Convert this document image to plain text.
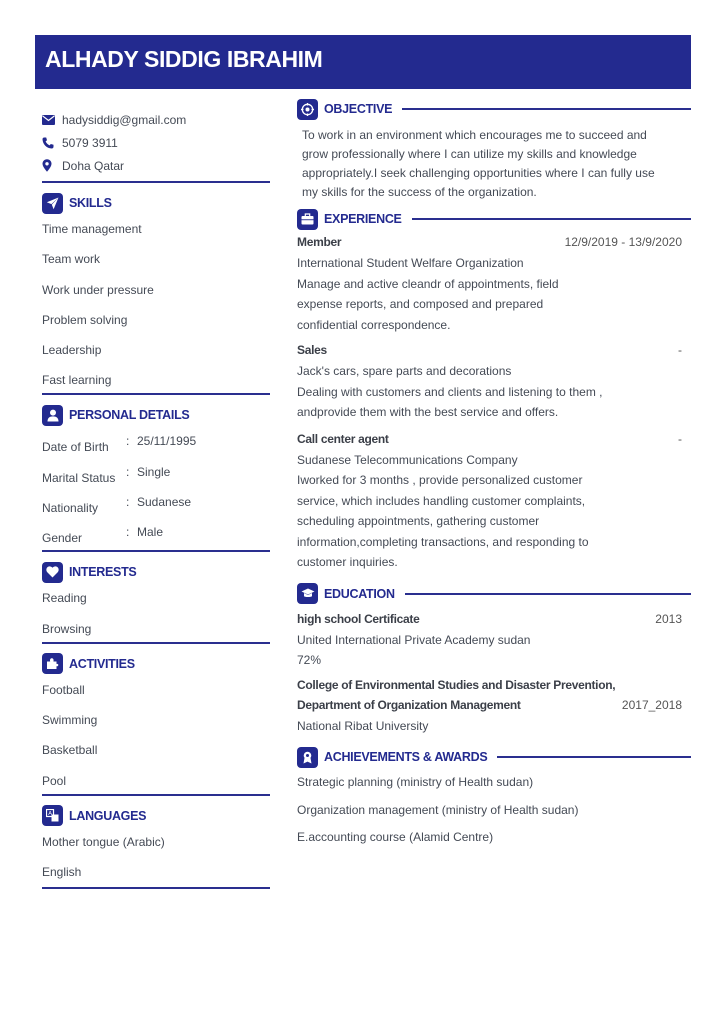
ALHADY SIDDIG IBRAHIM
hadysiddig@gmail.com
5079 3911
Doha Qatar
SKILLS
Time management
Team work
Work under pressure
Problem solving
Leadership
Fast learning
PERSONAL DETAILS
Date of Birth	: 25/11/1995
Marital Status : Single
Nationality	: Sudanese
Gender	: Male
INTERESTS
Reading
Browsing
ACTIVITIES
Football
Swimming
Basketball
Pool
A LANGUAGES
Mother tongue (Arabic)
English
OBJECTIVE
To work in an environment which encourages me to succeed and
grow professionally where I can utilize my skills and knowledge
appropriately.I seek challenging opportunities where I can fully use
my skills for the success of the organization.
EXPERIENCE
Member	12/9/2019 - 13/9/2020
International Student Welfare Organization
Manage and active cleandr of appointments, field
expense reports, and composed and prepared
confidential correspondence.
Sales	-
Jack's cars, spare parts and decorations
Dealing with customers and clients and listening to them ,
andprovide them with the best service and offers.
Call center agent	-
Sudanese Telecommunications Company
Iworked for 3 months , provide personalized customer
service, which includes handling customer complaints,
scheduling appointments, gathering customer
information,completing transactions, and responding to
customer inquiries.
EDUCATION
high school Certificate	2013
United International Private Academy sudan
72%
College of Environmental Studies and Disaster Prevention,
Department of Organization Management	2017_2018
National Ribat University
ACHIEVEMENTS & AWARDS
Strategic planning (ministry of Health sudan)
Organization management (ministry of Health sudan)
E.accounting course (Alamid Centre)
